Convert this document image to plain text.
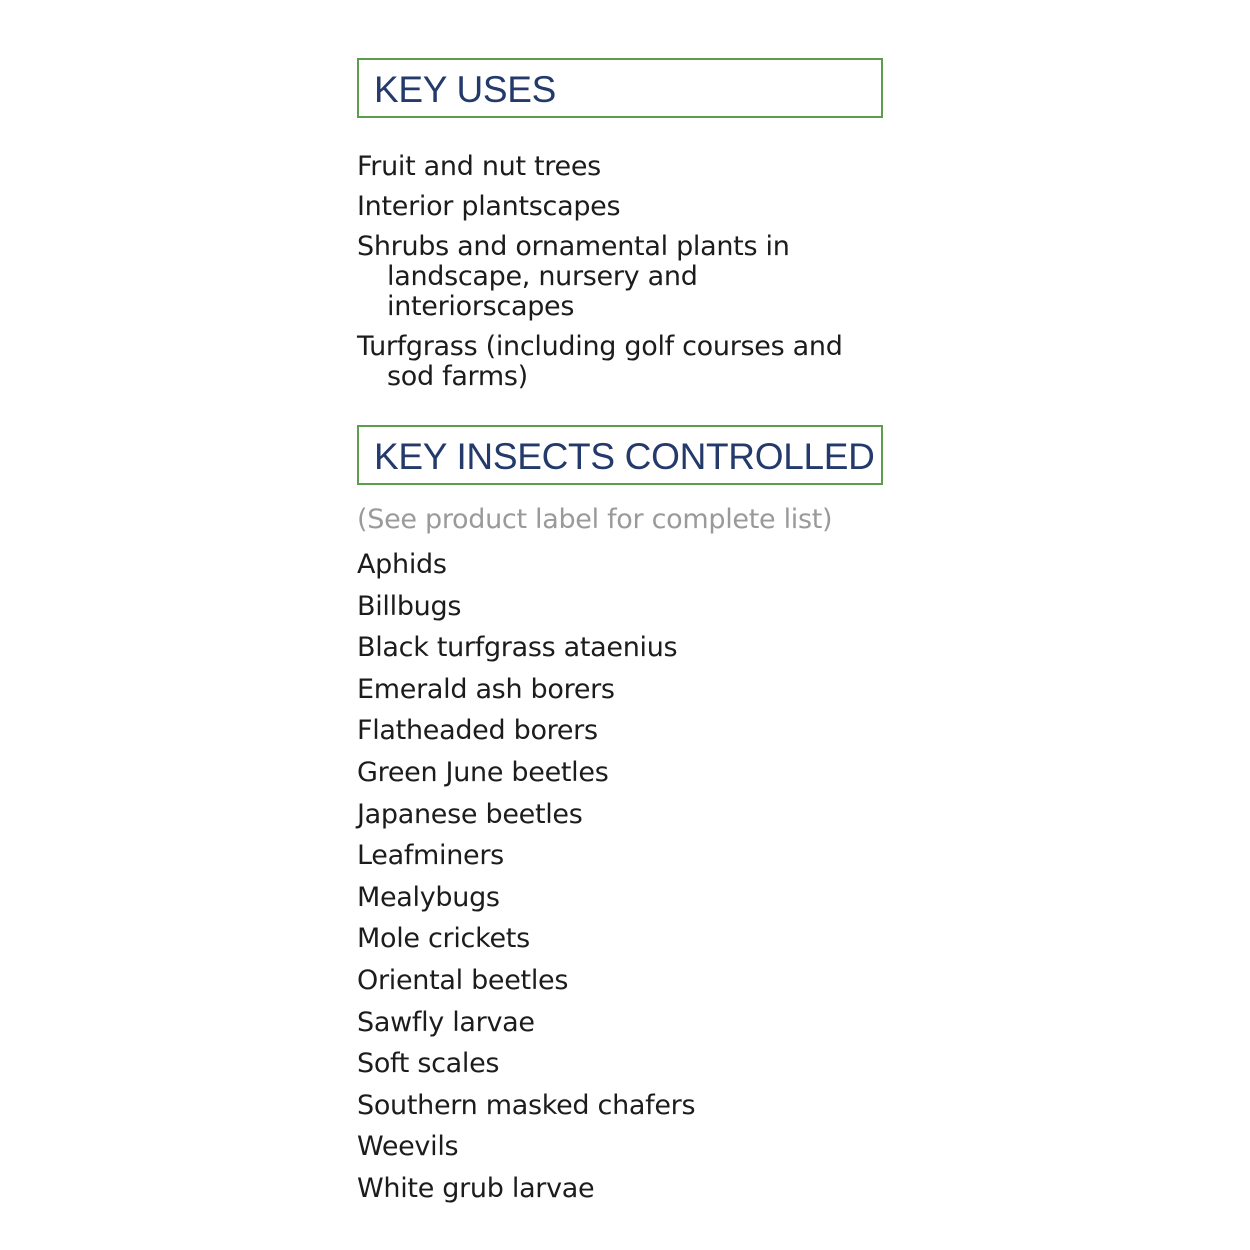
KEY USES
Fruit and nut trees
Interior plantscapes
Shrubs and ornamental plants in landscape, nursery and interiorscapes
Turfgrass (including golf courses and sod farms)
KEY INSECTS CONTROLLED

(See product label for complete list)

Aphids
Billbugs
Black turfgrass ataenius
Emerald ash borers
Flatheaded borers
Green June beetles
Japanese beetles
Leafminers
Mealybugs
Mole crickets
Oriental beetles
Sawfly larvae
Soft scales
Southern masked chafers
Weevils
White grub larvae
